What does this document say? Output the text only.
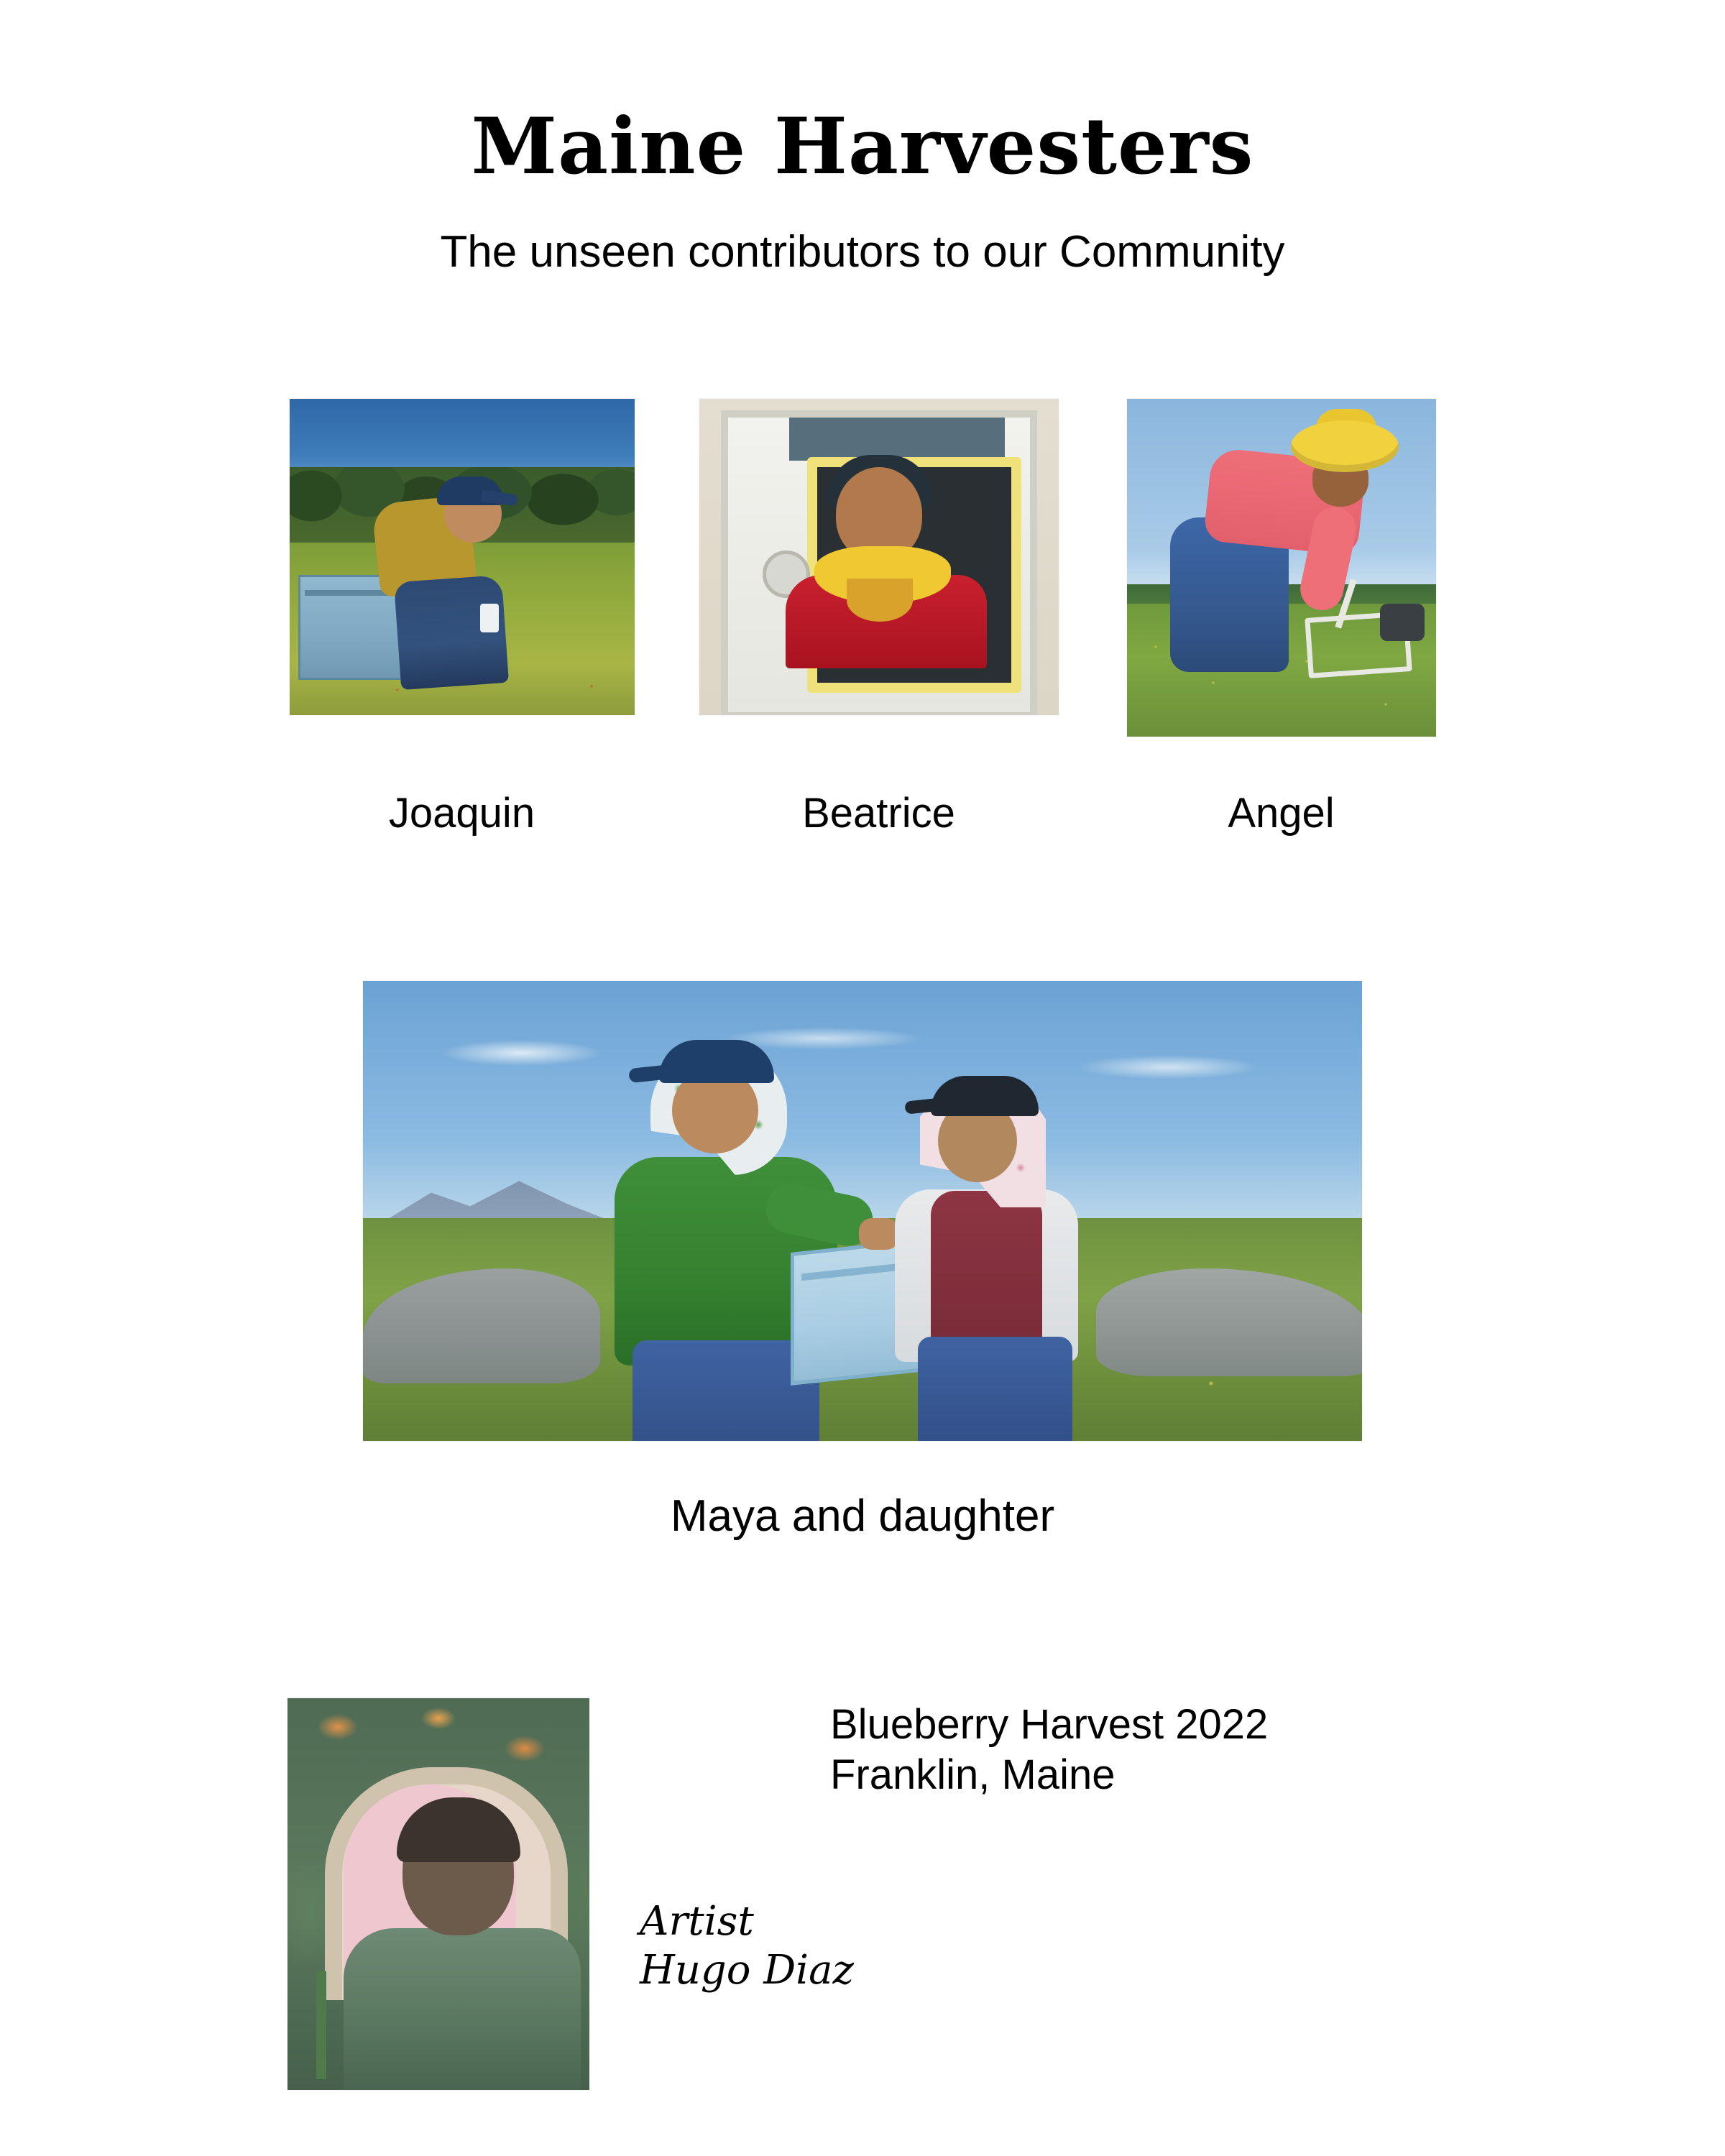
Maine Harvesters

The unseen contributors to our Community

Joaquin	Beatrice	Angel
Maya and daughter
Blueberry Harvest 2022
Franklin, Maine
Artist
Hugo Diaz
